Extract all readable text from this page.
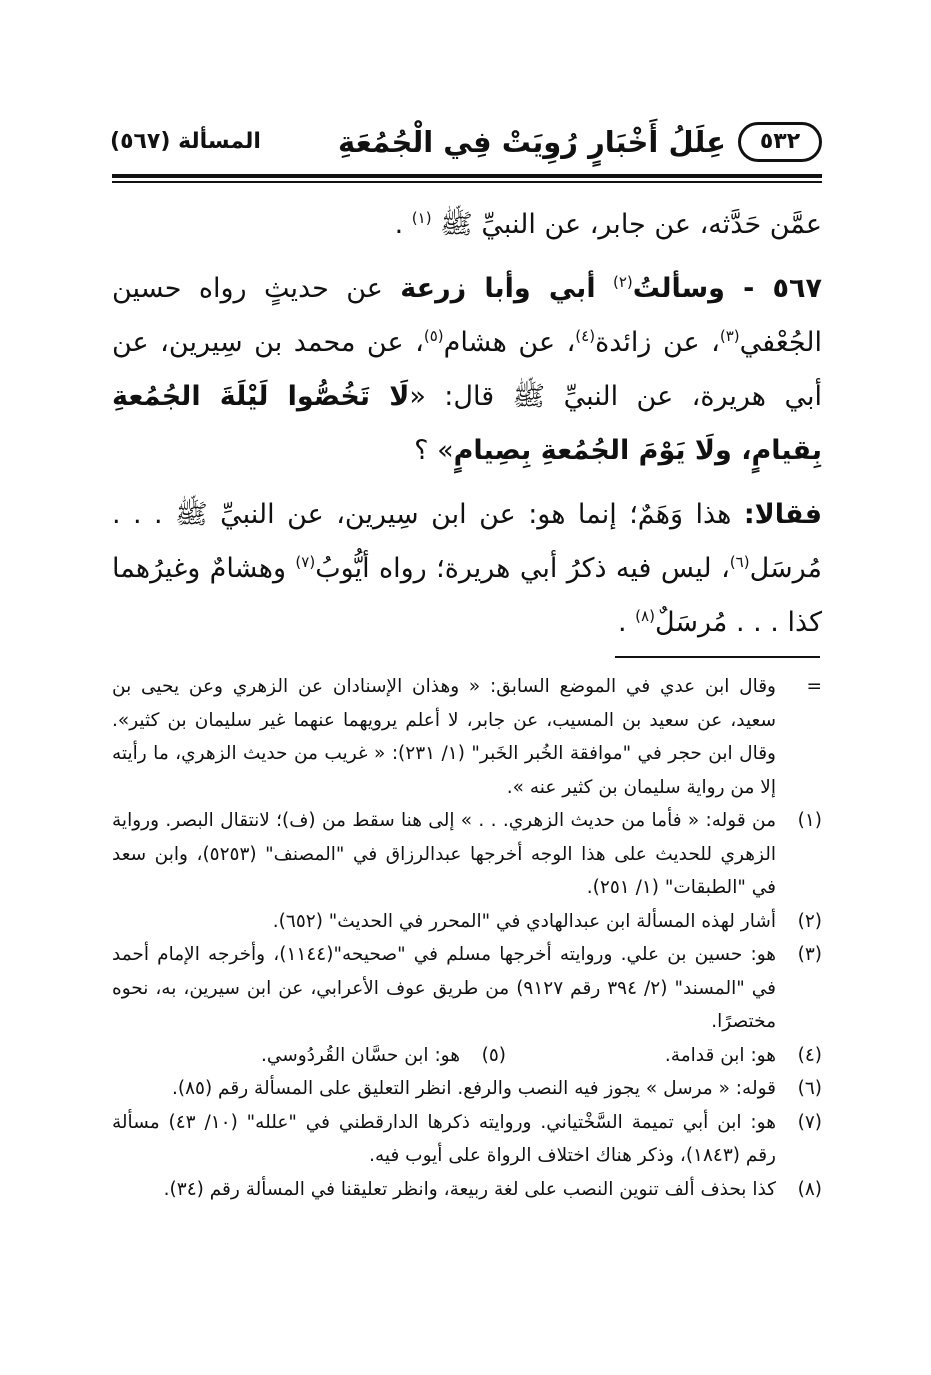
٥٣٢
عِلَلُ أَخْبَارٍ رُوِيَتْ فِي الْجُمُعَةِ
المسألة (٥٦٧)

عمَّن حَدَّثه، عن جابر، عن النبيِّ ﷺ $^{(١)}$ .

٥٦٧ - وسألتُ$^{(٢)}$ أبي وأبا زرعة عن حديثٍ رواه حسين الجُعْفي$^{(٣)}$، عن زائدة$^{(٤)}$، عن هشام$^{(٥)}$، عن محمد بن سِيرين، عن أبي هريرة، عن النبيِّ ﷺ قال: «لَا تَخُصُّوا لَيْلَةَ الجُمُعةِ بِقيامٍ، ولَا يَوْمَ الجُمُعةِ بِصِيامٍ» ؟

فقالا: هذا وَهَمٌ؛ إنما هو: عن ابن سِيرين، عن النبيِّ ﷺ . . . مُرسَل$^{(٦)}$، ليس فيه ذكرُ أبي هريرة؛ رواه أيُّوبُ$^{(٧)}$ وهشامٌ وغيرُهما كذا . . . مُرسَلٌ$^{(٨)}$ .

=
وقال ابن عدي في الموضع السابق: « وهذان الإسنادان عن الزهري وعن يحيى بن سعيد، عن سعيد بن المسيب، عن جابر، لا أعلم يرويهما عنهما غير سليمان بن كثير». وقال ابن حجر في "موافقة الخُبر الخَبر" (١/ ٢٣١): « غريب من حديث الزهري، ما رأيته إلا من رواية سليمان بن كثير عنه ».
(١)
من قوله: « فأما من حديث الزهري. . . » إلى هنا سقط من (ف)؛ لانتقال البصر. ورواية الزهري للحديث على هذا الوجه أخرجها عبدالرزاق في "المصنف" (٥٢٥٣)، وابن سعد في "الطبقات" (١/ ٢٥١).
(٢)
أشار لهذه المسألة ابن عبدالهادي في "المحرر في الحديث" (٦٥٢).
(٣)
هو: حسين بن علي. وروايته أخرجها مسلم في "صحيحه"(١١٤٤)، وأخرجه الإمام أحمد في "المسند" (٢/ ٣٩٤ رقم ٩١٢٧) من طريق عوف الأعرابي، عن ابن سيرين، به، نحوه مختصرًا.
(٤)
هو: ابن قدامة.
(٥)
هو: ابن حسَّان القُردُوسي.
(٦)
قوله: « مرسل » يجوز فيه النصب والرفع. انظر التعليق على المسألة رقم (٨٥).
(٧)
هو: ابن أبي تميمة السَّخْتياني. وروايته ذكرها الدارقطني في "علله" (١٠/ ٤٣) مسألة رقم (١٨٤٣)، وذكر هناك اختلاف الرواة على أيوب فيه.
(٨)
كذا بحذف ألف تنوين النصب على لغة ربيعة، وانظر تعليقنا في المسألة رقم (٣٤).
